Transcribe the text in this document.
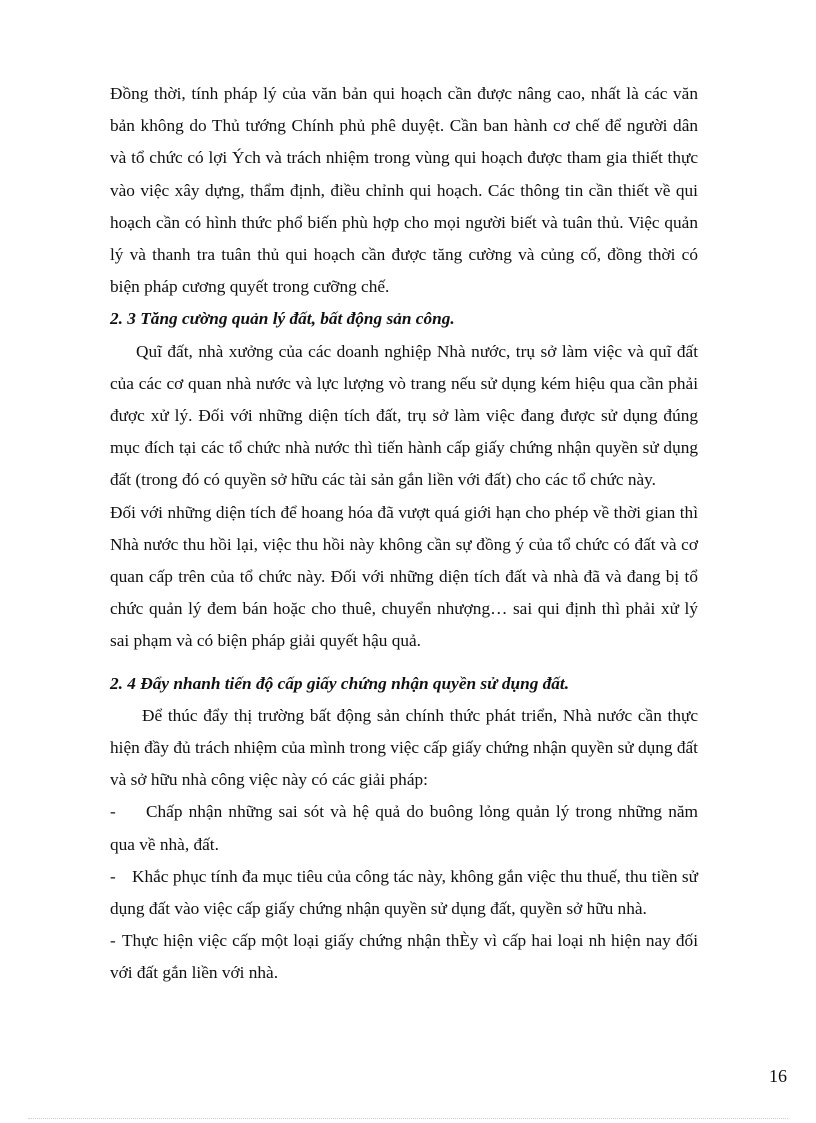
Đồng thời, tính pháp lý của văn bản qui hoạch cần được nâng cao, nhất là các văn bản không do Thủ tướng Chính phủ phê duyệt. Cần ban hành cơ chế để người dân và tổ chức có lợi Ých và trách nhiệm trong vùng qui hoạch được tham gia thiết thực vào việc xây dựng, thẩm định, điều chỉnh qui hoạch. Các thông tin cần thiết về qui hoạch cần có hình thức phổ biến phù hợp cho mọi người biết và tuân thủ. Việc quản lý và thanh tra tuân thủ qui hoạch cần được tăng cường và củng cố, đồng thời có biện pháp cương quyết trong cưỡng chế.

2. 3 Tăng cường quản lý đất, bất động sản công.

Quĩ đất, nhà xưởng của các doanh nghiệp Nhà nước, trụ sở làm việc và quĩ đất của các cơ quan nhà nước và lực lượng vò trang nếu sử dụng kém hiệu qua cần phải được xử lý. Đối với những diện tích đất, trụ sở làm việc đang được sử dụng đúng mục đích tại các tổ chức nhà nước thì tiến hành cấp giấy chứng nhận quyền sử dụng đất (trong đó có quyền sở hữu các tài sản gắn liền với đất) cho các tổ chức này.

Đối với những diện tích để hoang hóa đã vượt quá giới hạn cho phép về thời gian thì Nhà nước thu hồi lại, việc thu hồi này không cần sự đồng ý của tổ chức có đất và cơ quan cấp trên của tổ chức này. Đối với những diện tích đất và nhà đã và đang bị tổ chức quản lý đem bán hoặc cho thuê, chuyển nhượng… sai qui định thì phải xử lý sai phạm và có biện pháp giải quyết hậu quả.

2. 4 Đẩy nhanh tiến độ cấp giấy chứng nhận quyền sử dụng đất.

Để thúc đẩy thị trường bất động sản chính thức phát triển, Nhà nước cần thực hiện đầy đủ trách nhiệm của mình trong việc cấp giấy chứng nhận quyền sử dụng đất và sở hữu nhà công việc này có các giải pháp:

- Chấp nhận những sai sót và hệ quả do buông lỏng quản lý trong những năm qua về nhà, đất.

- Khắc phục tính đa mục tiêu của công tác này, không gắn việc thu thuế, thu tiền sử dụng đất vào việc cấp giấy chứng nhận quyền sử dụng đất, quyền sở hữu nhà.

- Thực hiện việc cấp một loại giấy chứng nhận thÈy vì cấp hai loại nh hiện nay đối với đất gắn liền với nhà.

16
